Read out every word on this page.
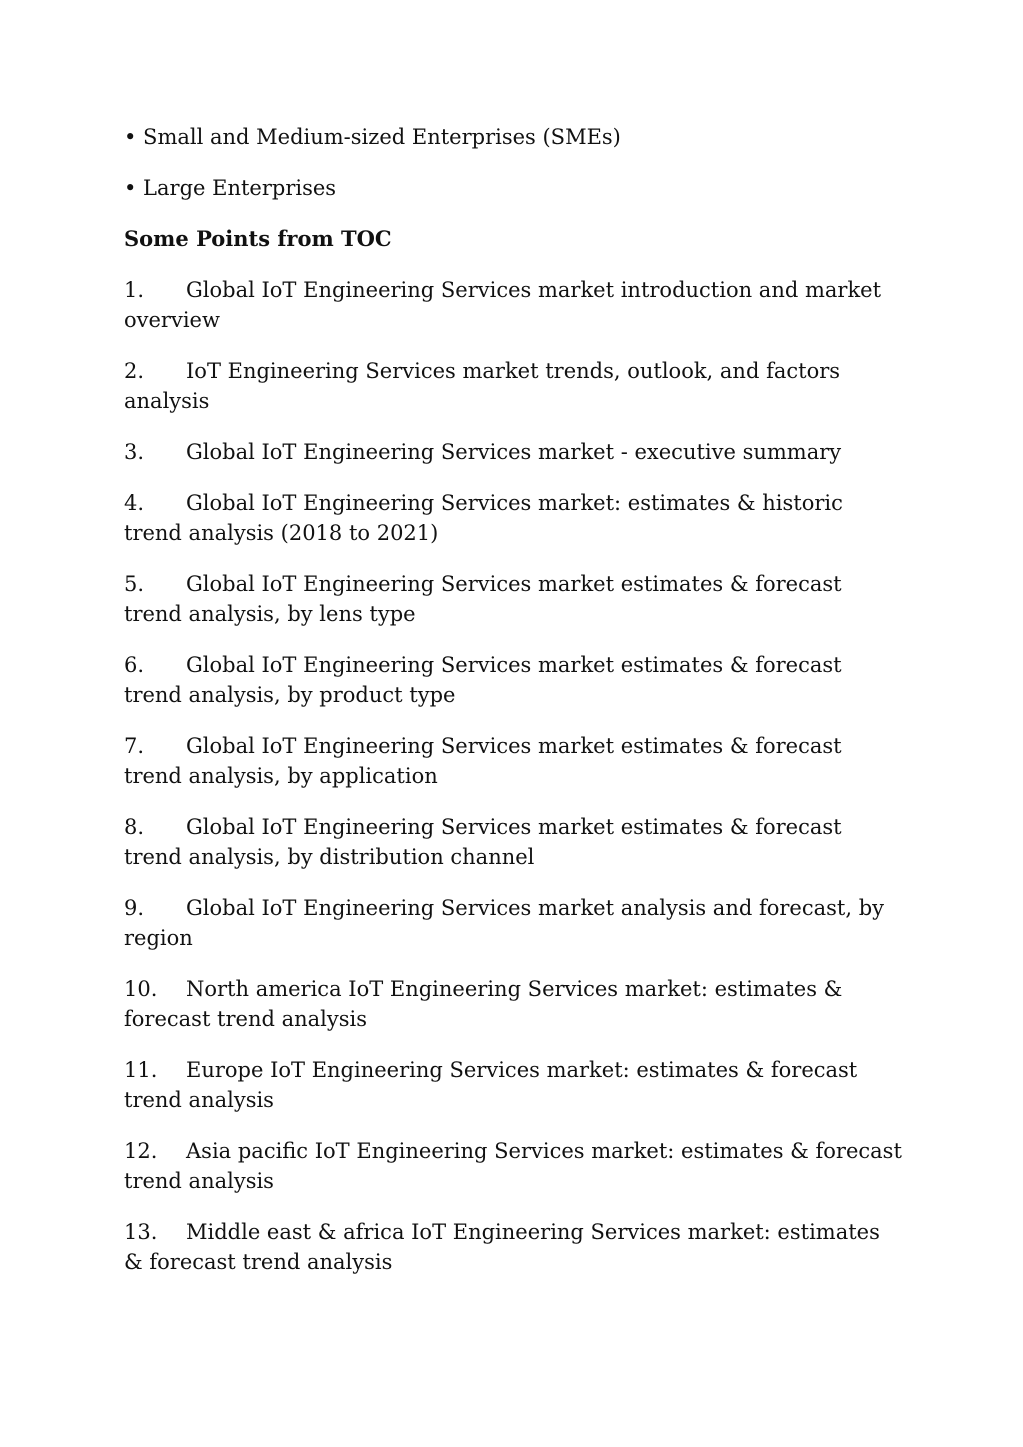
• Small and Medium-sized Enterprises (SMEs)

• Large Enterprises

Some Points from TOC

1. Global IoT Engineering Services market introduction and market overview

2. IoT Engineering Services market trends, outlook, and factors analysis

3. Global IoT Engineering Services market - executive summary

4. Global IoT Engineering Services market: estimates & historic trend analysis (2018 to 2021)

5. Global IoT Engineering Services market estimates & forecast trend analysis, by lens type

6. Global IoT Engineering Services market estimates & forecast trend analysis, by product type

7. Global IoT Engineering Services market estimates & forecast trend analysis, by application

8. Global IoT Engineering Services market estimates & forecast trend analysis, by distribution channel

9. Global IoT Engineering Services market analysis and forecast, by region

10. North america IoT Engineering Services market: estimates & forecast trend analysis

11. Europe IoT Engineering Services market: estimates & forecast trend analysis

12. Asia pacific IoT Engineering Services market: estimates & forecast trend analysis

13. Middle east & africa IoT Engineering Services market: estimates & forecast trend analysis
